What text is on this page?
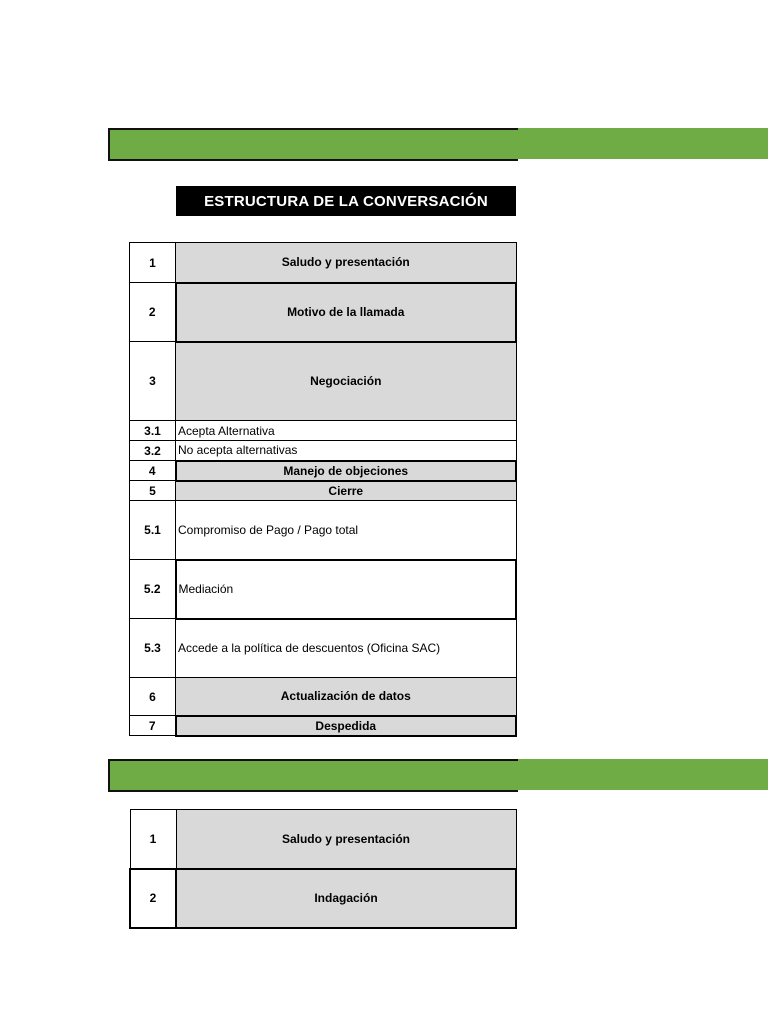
ESTRUCTURA DE LA CONVERSACIÓN
1	Saludo y presentación
2	Motivo de la llamada
3	Negociación
3.1	Acepta Alternativa
3.2	No acepta alternativas
4	Manejo de objeciones
5	Cierre
5.1	Compromiso de Pago / Pago total
5.2	Mediación
5.3	Accede a la política de descuentos (Oficina SAC)
6	Actualización de datos
7	Despedida
1	Saludo y presentación
2	Indagación
